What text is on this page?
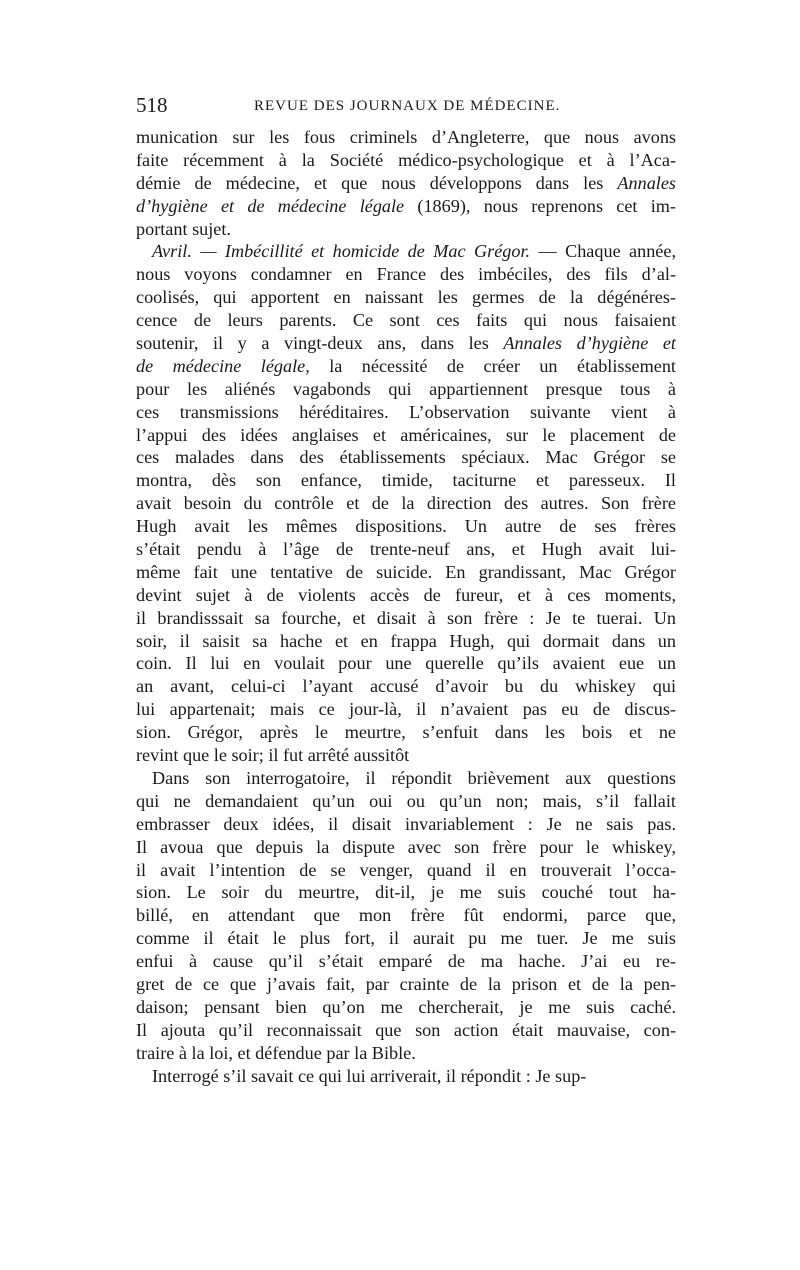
518	REVUE DES JOURNAUX DE MÉDECINE.
munication sur les fous criminels d’Angleterre, que nous avons
faite récemment à la Société médico-psychologique et à l’Aca-
démie de médecine, et que nous développons dans les Annales
d’hygiène et de médecine légale (1869), nous reprenons cet im-
portant sujet.
Avril. — Imbécillité et homicide de Mac Grégor. — Chaque année,
nous voyons condamner en France des imbéciles, des fils d’al-
coolisés, qui apportent en naissant les germes de la dégénéres-
cence de leurs parents. Ce sont ces faits qui nous faisaient
soutenir, il y a vingt-deux ans, dans les Annales d’hygiène et
de médecine légale, la nécessité de créer un établissement
pour les aliénés vagabonds qui appartiennent presque tous à
ces transmissions héréditaires. L’observation suivante vient à
l’appui des idées anglaises et américaines, sur le placement de
ces malades dans des établissements spéciaux. Mac Grégor se
montra, dès son enfance, timide, taciturne et paresseux. Il
avait besoin du contrôle et de la direction des autres. Son frère
Hugh avait les mêmes dispositions. Un autre de ses frères
s’était pendu à l’âge de trente-neuf ans, et Hugh avait lui-
même fait une tentative de suicide. En grandissant, Mac Grégor
devint sujet à de violents accès de fureur, et à ces moments,
il brandisssait sa fourche, et disait à son frère : Je te tuerai. Un
soir, il saisit sa hache et en frappa Hugh, qui dormait dans un
coin. Il lui en voulait pour une querelle qu’ils avaient eue un
an avant, celui-ci l’ayant accusé d’avoir bu du whiskey qui
lui appartenait; mais ce jour-là, il n’avaient pas eu de discus-
sion. Grégor, après le meurtre, s’enfuit dans les bois et ne
revint que le soir; il fut arrêté aussitôt
Dans son interrogatoire, il répondit brièvement aux questions
qui ne demandaient qu’un oui ou qu’un non; mais, s’il fallait
embrasser deux idées, il disait invariablement : Je ne sais pas.
Il avoua que depuis la dispute avec son frère pour le whiskey,
il avait l’intention de se venger, quand il en trouverait l’occa-
sion. Le soir du meurtre, dit-il, je me suis couché tout ha-
billé, en attendant que mon frère fût endormi, parce que,
comme il était le plus fort, il aurait pu me tuer. Je me suis
enfui à cause qu’il s’était emparé de ma hache. J’ai eu re-
gret de ce que j’avais fait, par crainte de la prison et de la pen-
daison; pensant bien qu’on me chercherait, je me suis caché.
Il ajouta qu’il reconnaissait que son action était mauvaise, con-
traire à la loi, et défendue par la Bible.
Interrogé s’il savait ce qui lui arriverait, il répondit : Je sup-
